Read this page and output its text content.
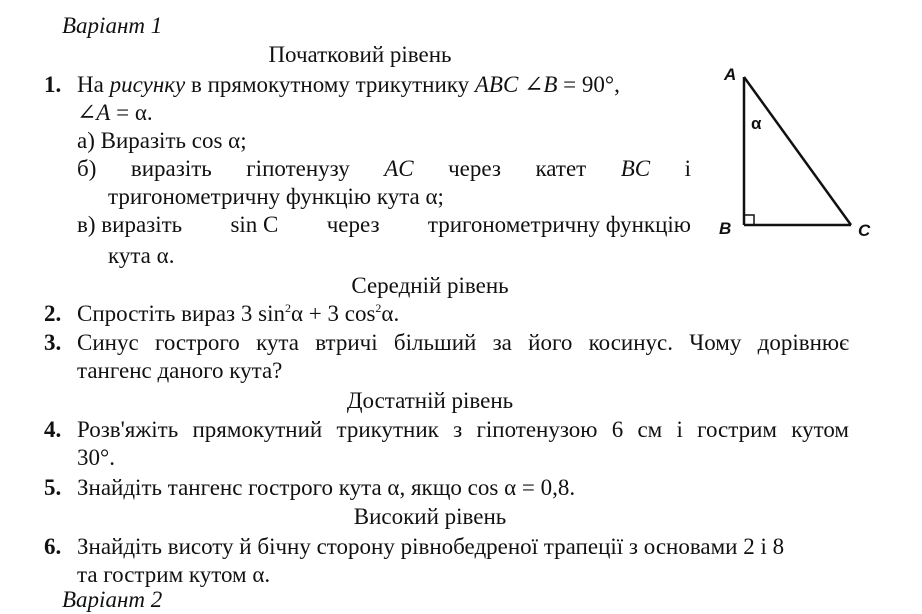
Варіант 1
Початковий рівень
1. На рисунку в прямокутному трикутнику ABC ∠B = 90°,
∠A = α.
а) Виразіть cos α;
б) виразіть гіпотенузу AC через катет BC і
тригонометричну функцію кута α;
в) виразіть sin C через тригонометричну функцію
кута α.
A
B	C
α
Середній рівень
2. Спростіть вираз 3 $\sin^2\alpha + 3$ $\cos^2\alpha$.
3. Синус гострого кута втричі більший за його косинус. Чому дорівнює
тангенс даного кута?
Достатній рівень
4. Розв'яжіть прямокутний трикутник з гіпотенузою 6 см і гострим кутом
30°.
5. Знайдіть тангенс гострого кута α, якщо cos α = 0,8.
Високий рівень
6. Знайдіть висоту й бічну сторону рівнобедреної трапеції з основами 2 і 8
та гострим кутом α.
Варіант 2
